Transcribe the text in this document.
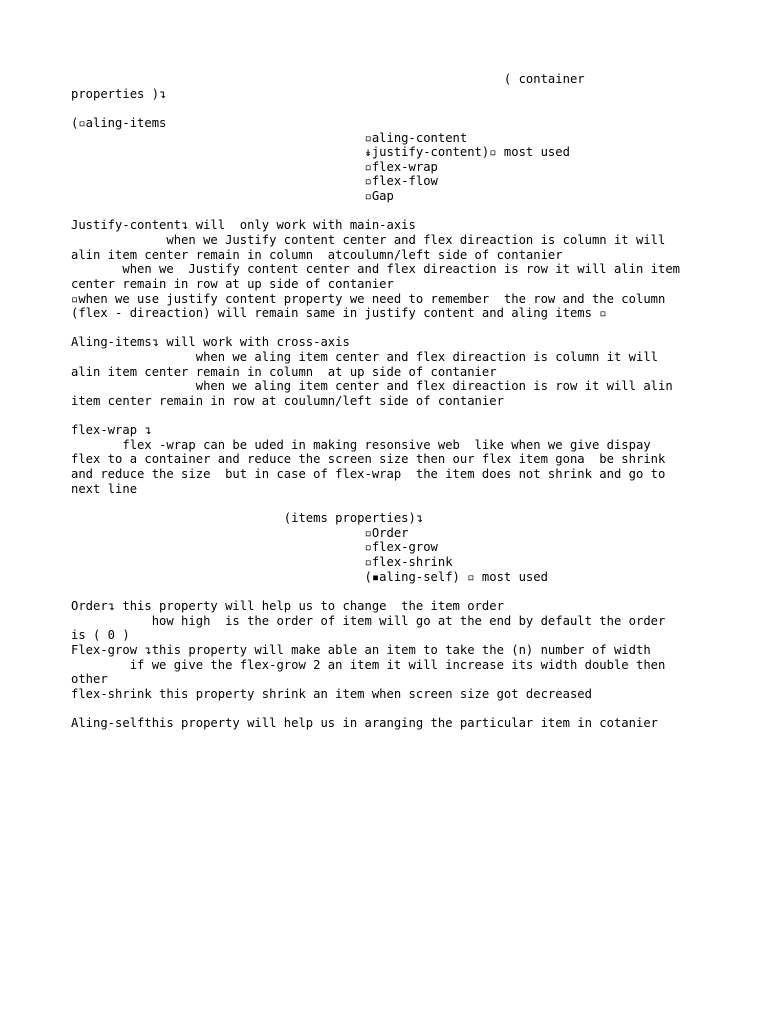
( container
properties )↴
(▫aling-items
▫aling-content
↡justify-content)▫ most used
▫flex-wrap
▫flex-flow
▫Gap
Justify-content↴ will  only work with main-axis
when we Justify content center and flex direaction is column it will
alin item center remain in column  atcoulumn/left side of contanier
when we  Justify content center and flex direaction is row it will alin item
center remain in row at up side of contanier
▫when we use justify content property we need to remember  the row and the column
(flex - direaction) will remain same in justify content and aling items ▫
Aling-items↴ will work with cross-axis
when we aling item center and flex direaction is column it will
alin item center remain in column  at up side of contanier
when we aling item center and flex direaction is row it will alin
item center remain in row at coulumn/left side of contanier
flex-wrap ↴
flex -wrap can be uded in making resonsive web  like when we give dispay
flex to a container and reduce the screen size then our flex item gona  be shrink
and reduce the size  but in case of flex-wrap  the item does not shrink and go to
next line
(items properties)↴
▫Order
▫flex-grow
▫flex-shrink
(▪aling-self) ▫ most used
Order↴ this property will help us to change  the item order
how high  is the order of item will go at the end by default the order
is ( 0 )
Flex-grow ↴this property will make able an item to take the (n) number of width
if we give the flex-grow 2 an item it will increase its width double then
other
flex-shrink this property shrink an item when screen size got decreased
Aling-selfthis property will help us in aranging the particular item in cotanier
